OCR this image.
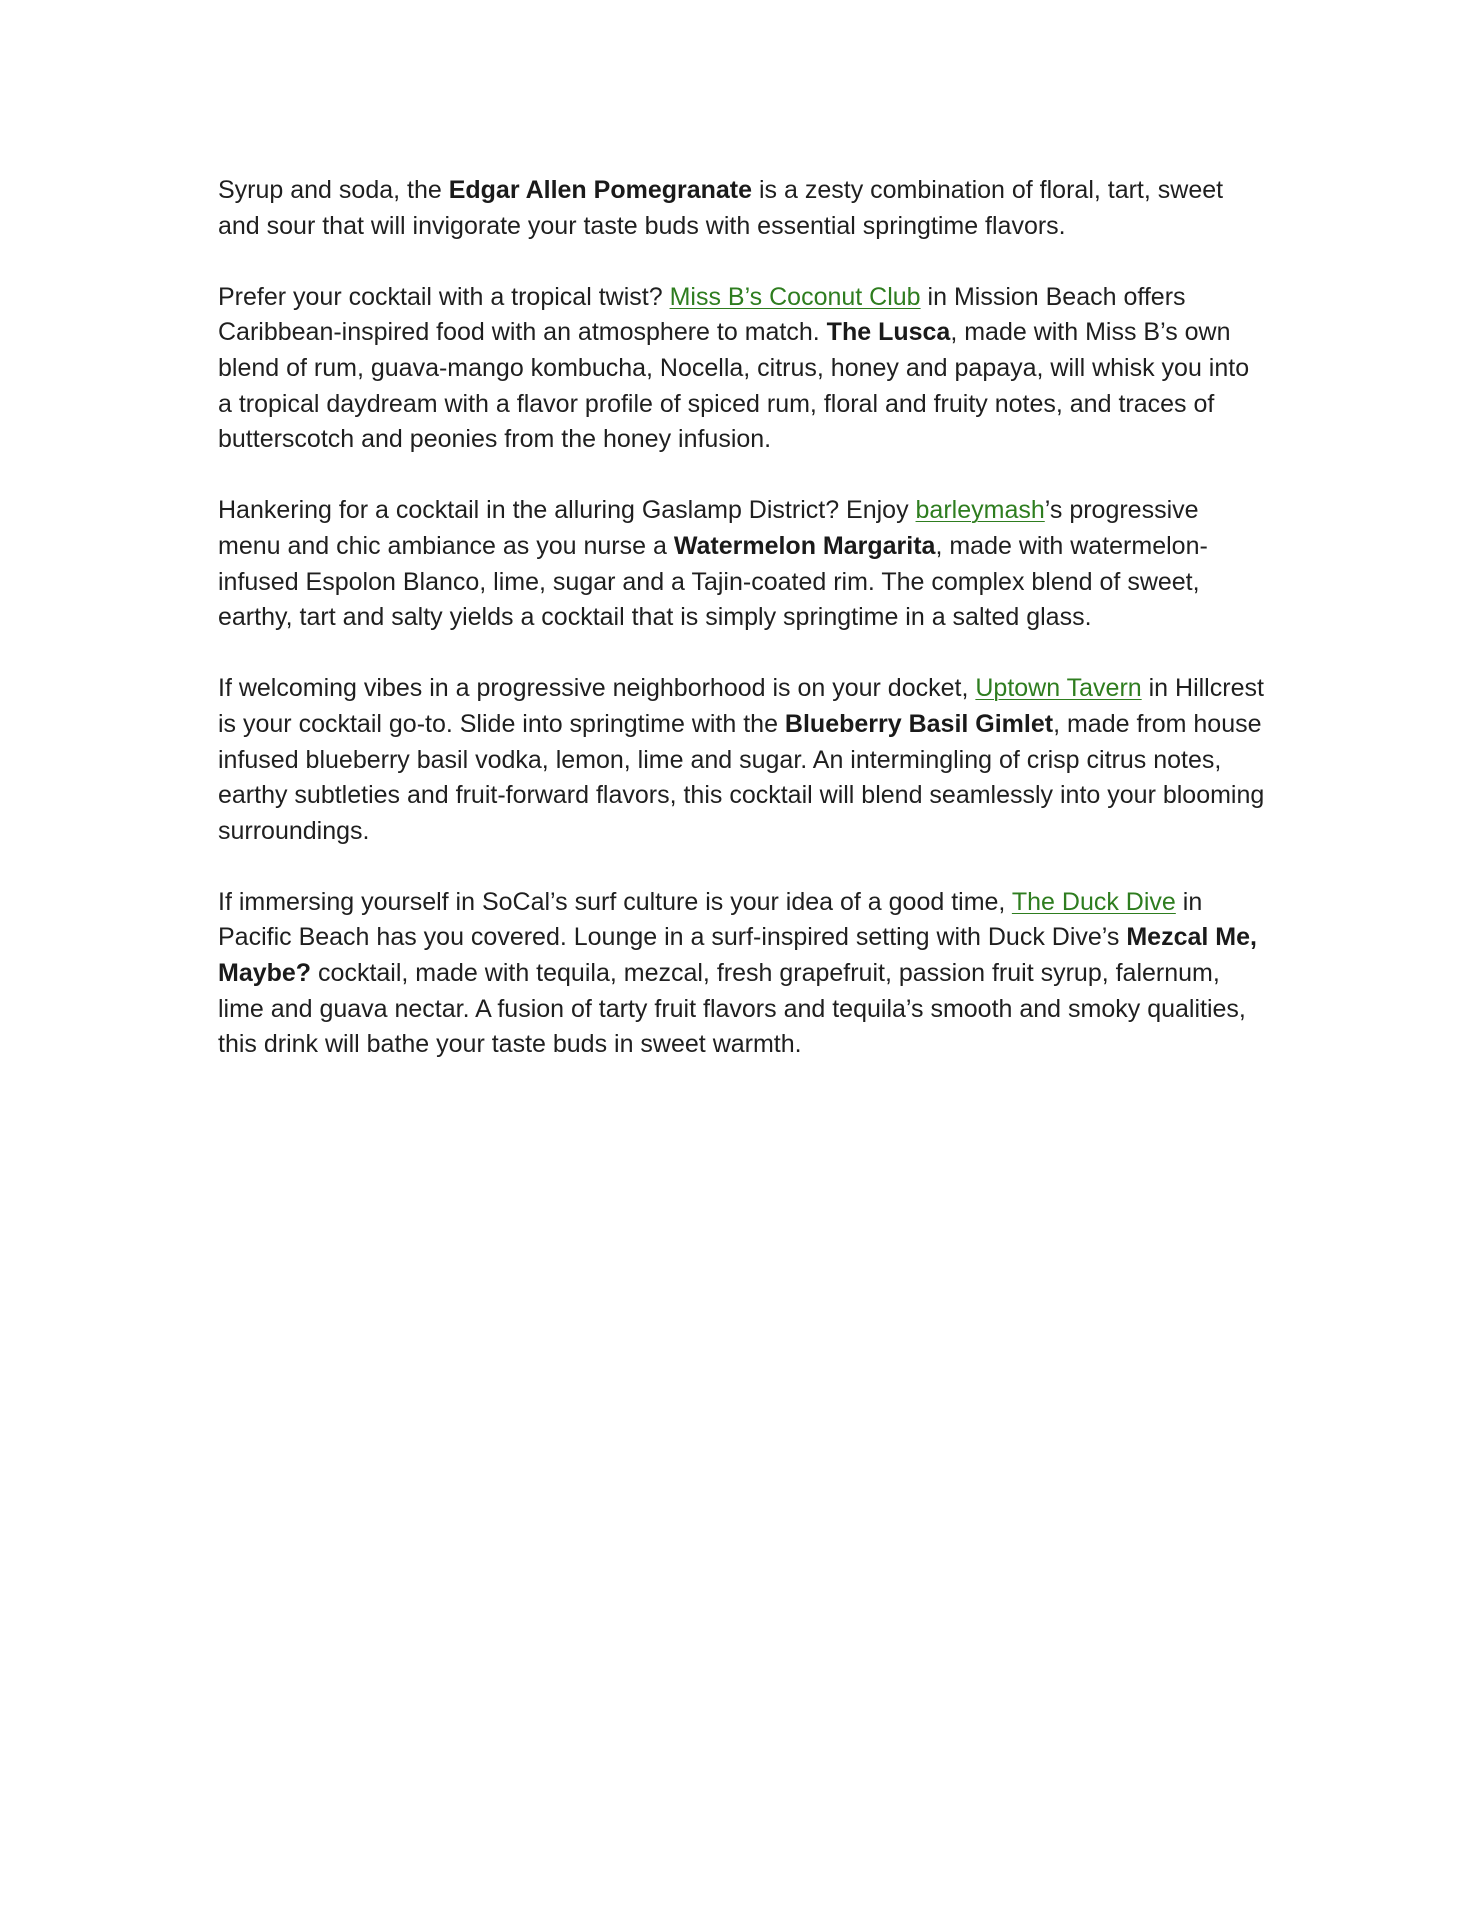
Syrup and soda, the Edgar Allen Pomegranate is a zesty combination of floral, tart, sweet and sour that will invigorate your taste buds with essential springtime flavors.

Prefer your cocktail with a tropical twist? Miss B’s Coconut Club in Mission Beach offers Caribbean-inspired food with an atmosphere to match. The Lusca, made with Miss B’s own blend of rum, guava-mango kombucha, Nocella, citrus, honey and papaya, will whisk you into a tropical daydream with a flavor profile of spiced rum, floral and fruity notes, and traces of butterscotch and peonies from the honey infusion.

Hankering for a cocktail in the alluring Gaslamp District? Enjoy barleymash’s progressive menu and chic ambiance as you nurse a Watermelon Margarita, made with watermelon-infused Espolon Blanco, lime, sugar and a Tajin-coated rim. The complex blend of sweet, earthy, tart and salty yields a cocktail that is simply springtime in a salted glass.

If welcoming vibes in a progressive neighborhood is on your docket, Uptown Tavern in Hillcrest is your cocktail go-to. Slide into springtime with the Blueberry Basil Gimlet, made from house infused blueberry basil vodka, lemon, lime and sugar. An intermingling of crisp citrus notes, earthy subtleties and fruit-forward flavors, this cocktail will blend seamlessly into your blooming surroundings.

If immersing yourself in SoCal’s surf culture is your idea of a good time, The Duck Dive in Pacific Beach has you covered. Lounge in a surf-inspired setting with Duck Dive’s Mezcal Me, Maybe? cocktail, made with tequila, mezcal, fresh grapefruit, passion fruit syrup, falernum, lime and guava nectar. A fusion of tarty fruit flavors and tequila’s smooth and smoky qualities, this drink will bathe your taste buds in sweet warmth.
